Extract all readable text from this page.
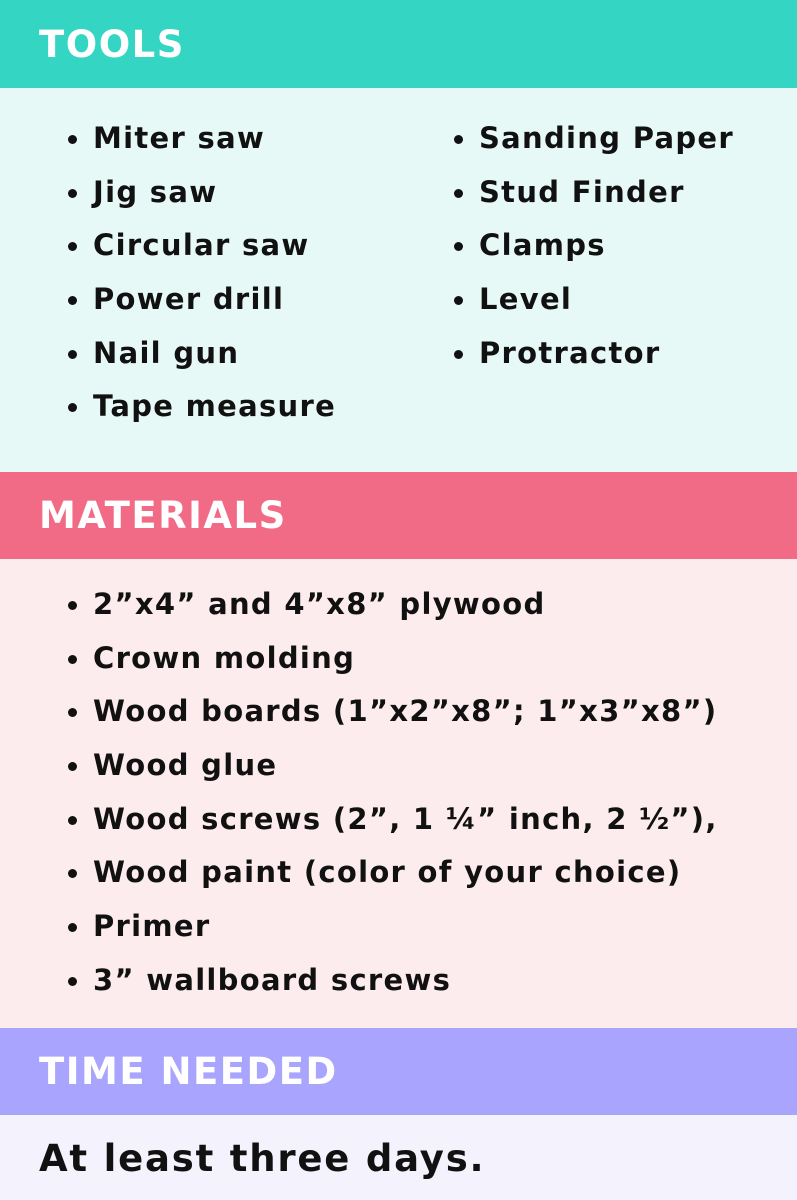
TOOLS
Miter saw
Jig saw
Circular saw
Power drill
Nail gun
Tape measure
Sanding Paper
Stud Finder
Clamps
Level
Protractor
MATERIALS
2”x4” and 4”x8” plywood
Crown molding
Wood boards (1”x2”x8”; 1”x3”x8”)
Wood glue
Wood screws (2”, 1 ¼” inch, 2 ½”),
Wood paint (color of your choice)
Primer
3” wallboard screws
TIME NEEDED
At least three days.
